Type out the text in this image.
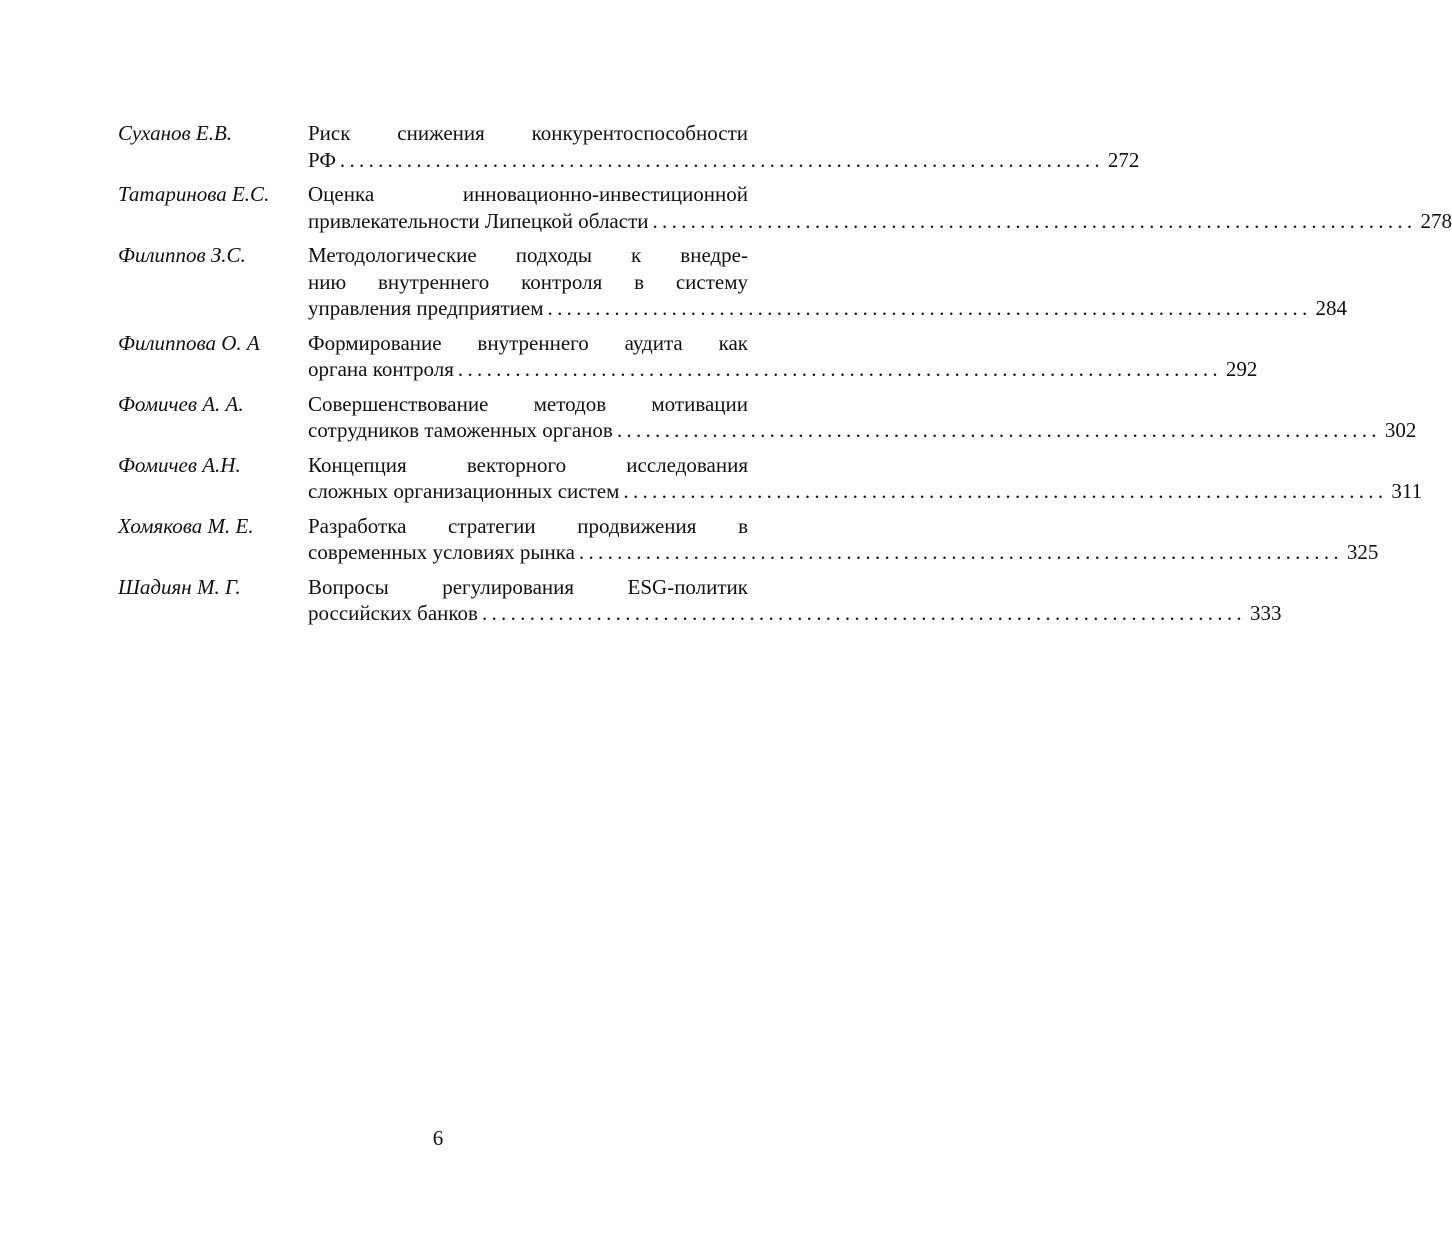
Суханов Е.В.	Риск снижения конкурентоспособности
РФ ................................................................................ 272
Татаринова Е.С.	Оценка инновационно-инвестиционной
привлекательности Липецкой области ................................................................................ 278
Филиппов З.С.	Методологические подходы к внедре-
нию внутреннего контроля в систему
управления предприятием ................................................................................ 284
Филиппова О. А	Формирование внутреннего аудита как
органа контроля ................................................................................ 292
Фомичев А. А.	Совершенствование методов мотивации
сотрудников таможенных органов ................................................................................ 302
Фомичев А.Н.	Концепция векторного исследования
сложных организационных систем ................................................................................ 311
Хомякова М. Е.	Разработка стратегии продвижения в
современных условиях рынка ................................................................................ 325
Шадиян М. Г.	Вопросы регулирования ESG-политик
российских банков ................................................................................ 333
6
